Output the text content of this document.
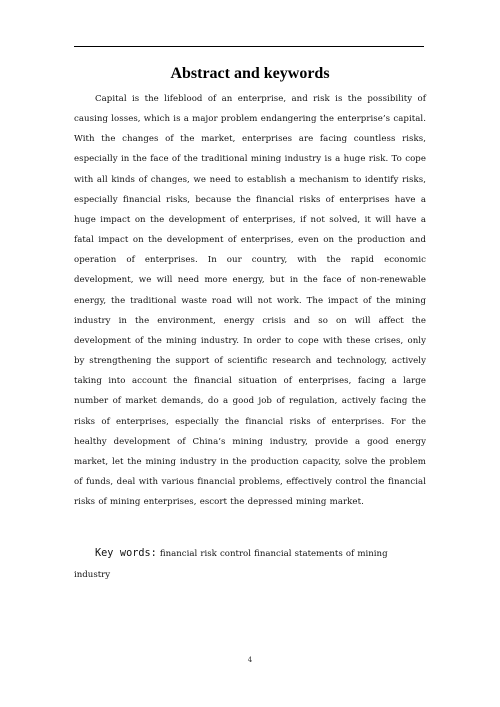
Abstract and keywords

Capital is the lifeblood of an enterprise, and risk is the possibility of causing losses, which is a major problem endangering the enterprise’s capital. With the changes of the market, enterprises are facing countless risks, especially in the face of the traditional mining industry is a huge risk. To cope with all kinds of changes, we need to establish a mechanism to identify risks, especially financial risks, because the financial risks of enterprises have a huge impact on the development of enterprises, if not solved, it will have a fatal impact on the development of enterprises, even on the production and operation of enterprises. In our country, with the rapid economic development, we will need more energy, but in the face of non-renewable energy, the traditional waste road will not work. The impact of the mining industry in the environment, energy crisis and so on will affect the development of the mining industry. In order to cope with these crises, only by strengthening the support of scientific research and technology, actively taking into account the financial situation of enterprises, facing a large number of market demands, do a good job of regulation, actively facing the risks of enterprises, especially the financial risks of enterprises. For the healthy development of China’s mining industry, provide a good energy market, let the mining industry in the production capacity, solve the problem of funds, deal with various financial problems, effectively control the financial risks of mining enterprises, escort the depressed mining market.

Key words: financial risk control financial statements of mining industry

4
